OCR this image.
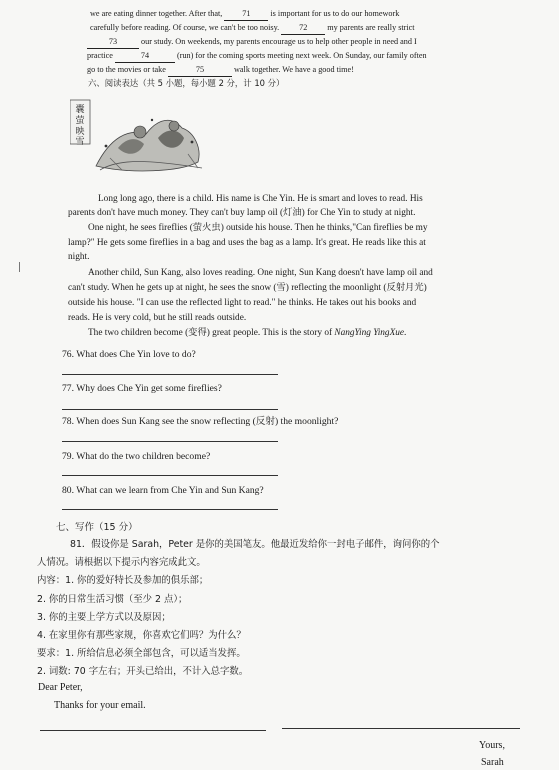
we are eating dinner together. After that, 71 is important for us to do our homework
carefully before reading. Of course, we can't be too noisy. 72 my parents are really strict
73	our study. On weekends, my parents encourage us to help other people in need and I
practice	74	(run) for the coming sports meeting next week. On Sunday, our family often
go to the movies or take	75	walk together. We have a good time!
六、阅读表达（共 5 小题，每小题 2 分，计 10 分）
囊
萤
映
雪
Long long ago, there is a child. His name is Che Yin. He is smart and loves to read. His
parents don't have much money. They can't buy lamp oil (灯油) for Che Yin to study at night.
One night, he sees fireflies (萤火虫) outside his house. Then he thinks,"Can fireflies be my
lamp?" He gets some fireflies in a bag and uses the bag as a lamp. It's great. He reads like this at
night.
Another child, Sun Kang, also loves reading. One night, Sun Kang doesn't have lamp oil and
can't study. When he gets up at night, he sees the snow (雪) reflecting the moonlight (反射月光)
outside his house. "I can use the reflected light to read." he thinks. He takes out his books and
reads. He is very cold, but he still reads outside.
The two children become (变得) great people. This is the story of NangYing YingXue.
76. What does Che Yin love to do?
77. Why does Che Yin get some fireflies?
78. When does Sun Kang see the snow reflecting (反射) the moonlight?
79. What do the two children become?
80. What can we learn from Che Yin and Sun Kang?
七、写作（15 分）
81．假设你是 Sarah，Peter 是你的美国笔友。他最近发给你一封电子邮件，询问你的个
人情况。请根据以下提示内容完成此文。
内容：1. 你的爱好特长及参加的俱乐部；
2. 你的日常生活习惯（至少 2 点）；
3. 你的主要上学方式以及原因；
4. 在家里你有那些家规，你喜欢它们吗？为什么？
要求：1. 所给信息必须全部包含，可以适当发挥。
2. 词数: 70 字左右；开头已给出，不计入总字数。
Dear Peter,
Thanks for your email.
Yours,
Sarah
